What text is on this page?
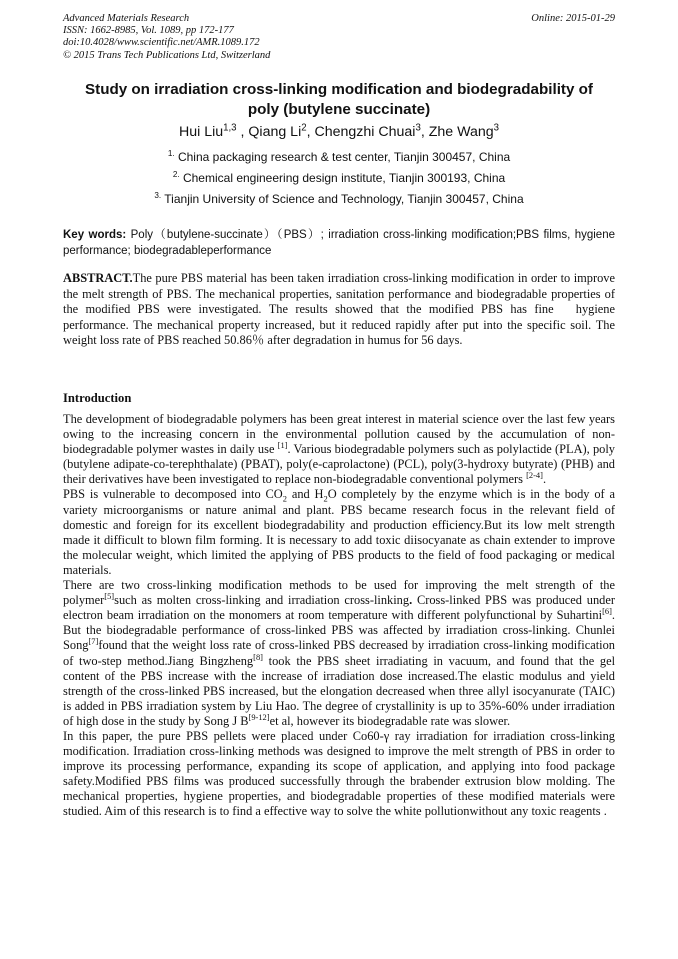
Advanced Materials Research
ISSN: 1662-8985, Vol. 1089, pp 172-177
doi:10.4028/www.scientific.net/AMR.1089.172
© 2015 Trans Tech Publications Ltd, Switzerland
Online: 2015-01-29
Study on irradiation cross-linking modification and biodegradability of
poly (butylene succinate)
Hui Liu$^{1,3}$ , Qiang Li$^2$, Chengzhi Chuai$^3$, Zhe Wang$^3$
$^{1.}$ China packaging research & test center, Tianjin 300457, China
$^{2.}$ Chemical engineering design institute, Tianjin 300193, China
$^{3.}$ Tianjin University of Science and Technology, Tianjin 300457, China
Key words: Poly（butylene-succinate）（PBS）; irradiation cross-linking modification;PBS films, hygiene performance; biodegradableperformance
ABSTRACT.The pure PBS material has been taken irradiation cross-linking modification in order to improve the melt strength of PBS. The mechanical properties, sanitation performance and biodegradable properties of the modified PBS were investigated. The results showed that the modified PBS has fine   hygiene performance. The mechanical property increased, but it reduced rapidly after put into the specific soil. The weight loss rate of PBS reached 50.86％ after degradation in humus for 56 days.
Introduction

The development of biodegradable polymers has been great interest in material science over the last few years owing to the increasing concern in the environmental pollution caused by the accumulation of non-biodegradable polymer wastes in daily use [1]. Various biodegradable polymers such as polylactide (PLA), poly (butylene adipate-co-terephthalate) (PBAT), poly(e-caprolactone) (PCL), poly(3-hydroxy butyrate) (PHB) and their derivatives have been investigated to replace non-biodegradable conventional polymers [2-4].

PBS is vulnerable to decomposed into $CO_2$ and $H_2O$ completely by the enzyme which is in the body of a variety microorganisms or nature animal and plant. PBS became research focus in the relevant field of domestic and foreign for its excellent biodegradability and production efficiency.But its low melt strength made it difficult to blown film forming. It is necessary to add toxic diisocyanate as chain extender to improve the molecular weight, which limited the applying of PBS products to the field of food packaging or medical materials.

There are two cross-linking modification methods to be used for improving the melt strength of the polymer[5]such as molten cross-linking and irradiation cross-linking. Cross-linked PBS was produced under electron beam irradiation on the monomers at room temperature with different polyfunctional by Suhartini[6]. But the biodegradable performance of cross-linked PBS was affected by irradiation cross-linking. Chunlei Song[7]found that the weight loss rate of cross-linked PBS decreased by irradiation cross-linking modification of two-step method.Jiang Bingzheng[8] took the PBS sheet irradiating in vacuum, and found that the gel content of the PBS increase with the increase of irradiation dose increased.The elastic modulus and yield strength of the cross-linked PBS increased, but the elongation decreased when three allyl isocyanurate (TAIC) is added in PBS irradiation system by Liu Hao. The degree of crystallinity is up to 35%-60% under irradiation of high dose in the study by Song J B[9-12]et al, however its biodegradable rate was slower.

In this paper, the pure PBS pellets were placed under Co60-γ ray irradiation for irradiation cross-linking modification. Irradiation cross-linking methods was designed to improve the melt strength of PBS in order to improve its processing performance, expanding its scope of application, and applying into food package safety.Modified PBS films was produced successfully through the brabender extrusion blow molding. The mechanical properties, hygiene properties, and biodegradable properties of these modified materials were studied. Aim of this research is to find a effective way to solve the white pollutionwithout any toxic reagents .
